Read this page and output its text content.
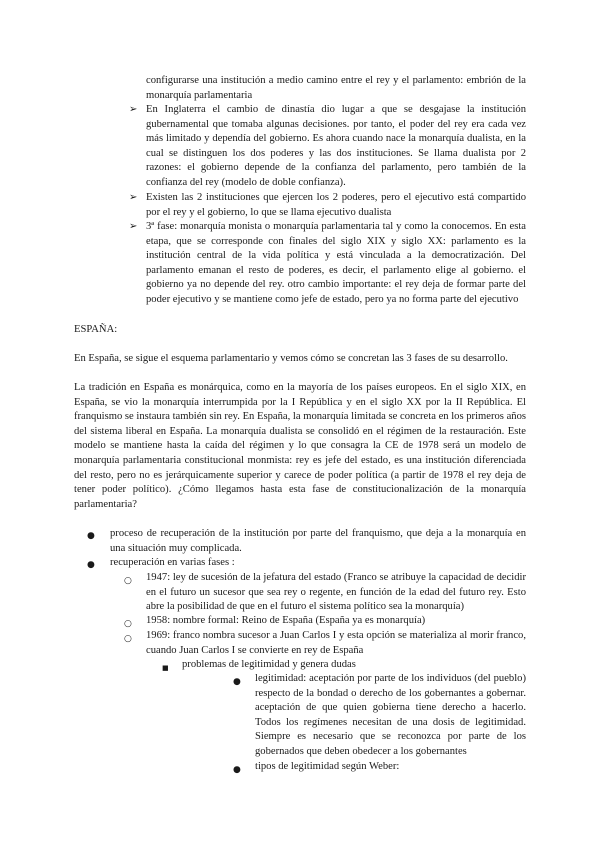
configurarse una institución a medio camino entre el rey y el parlamento: embrión de la monarquía parlamentaria

➢ En Inglaterra el cambio de dinastía dio lugar a que se desgajase la institución gubernamental que tomaba algunas decisiones. por tanto, el poder del rey era cada vez más limitado y dependía del gobierno. Es ahora cuando nace la monarquía dualista, en la cual se distinguen los dos poderes y las dos instituciones. Se llama dualista por 2 razones: el gobierno depende de la confianza del parlamento, pero también de la confianza del rey (modelo de doble confianza).

➢ Existen las 2 instituciones que ejercen los 2 poderes, pero el ejecutivo está compartido por el rey y el gobierno, lo que se llama ejecutivo dualista

➢ 3ª fase: monarquía monista o monarquía parlamentaria tal y como la conocemos. En esta etapa, que se corresponde con finales del siglo XIX y siglo XX: parlamento es la institución central de la vida política y está vinculada a la democratización. Del parlamento emanan el resto de poderes, es decir, el parlamento elige al gobierno. el gobierno ya no depende del rey. otro cambio importante: el rey deja de formar parte del poder ejecutivo y se mantiene como jefe de estado, pero ya no forma parte del ejecutivo

ESPAÑA:

En España, se sigue el esquema parlamentario y vemos cómo se concretan las 3 fases de su desarrollo.

La tradición en España es monárquica, como en la mayoría de los países europeos. En el siglo XIX, en España, se vio la monarquía interrumpida por la I República y en el siglo XX por la II República. El franquismo se instaura también sin rey. En España, la monarquía limitada se concreta en los primeros años del sistema liberal en España. La monarquía dualista se consolidó en el régimen de la restauración. Este modelo se mantiene hasta la caída del régimen y lo que consagra la CE de 1978 será un modelo de monarquía parlamentaria constitucional monmista: rey es jefe del estado, es una institución diferenciada del resto, pero no es jerárquicamente superior y carece de poder política (a partir de 1978 el rey deja de tener poder político). ¿Cómo llegamos hasta esta fase de constitucionalización de la monarquía parlamentaria?

● proceso de recuperación de la institución por parte del franquismo, que deja a la monarquía en una situación muy complicada.

● recuperación en varias fases :

○ 1947: ley de sucesión de la jefatura del estado (Franco se atribuye la capacidad de decidir en el futuro un sucesor que sea rey o regente, en función de la edad del futuro rey. Esto abre la posibilidad de que en el futuro el sistema político sea la monarquía)

○ 1958: nombre formal: Reino de España (España ya es monarquía)

○ 1969: franco nombra sucesor a Juan Carlos I y esta opción se materializa al morir franco, cuando Juan Carlos I se convierte en rey de España

■ problemas de legitimidad y genera dudas

● legitimidad: aceptación por parte de los individuos (del pueblo) respecto de la bondad o derecho de los gobernantes a gobernar. aceptación de que quien gobierna tiene derecho a hacerlo. Todos los regímenes necesitan de una dosis de legitimidad. Siempre es necesario que se reconozca por parte de los gobernados que deben obedecer a los gobernantes

● tipos de legitimidad según Weber:
